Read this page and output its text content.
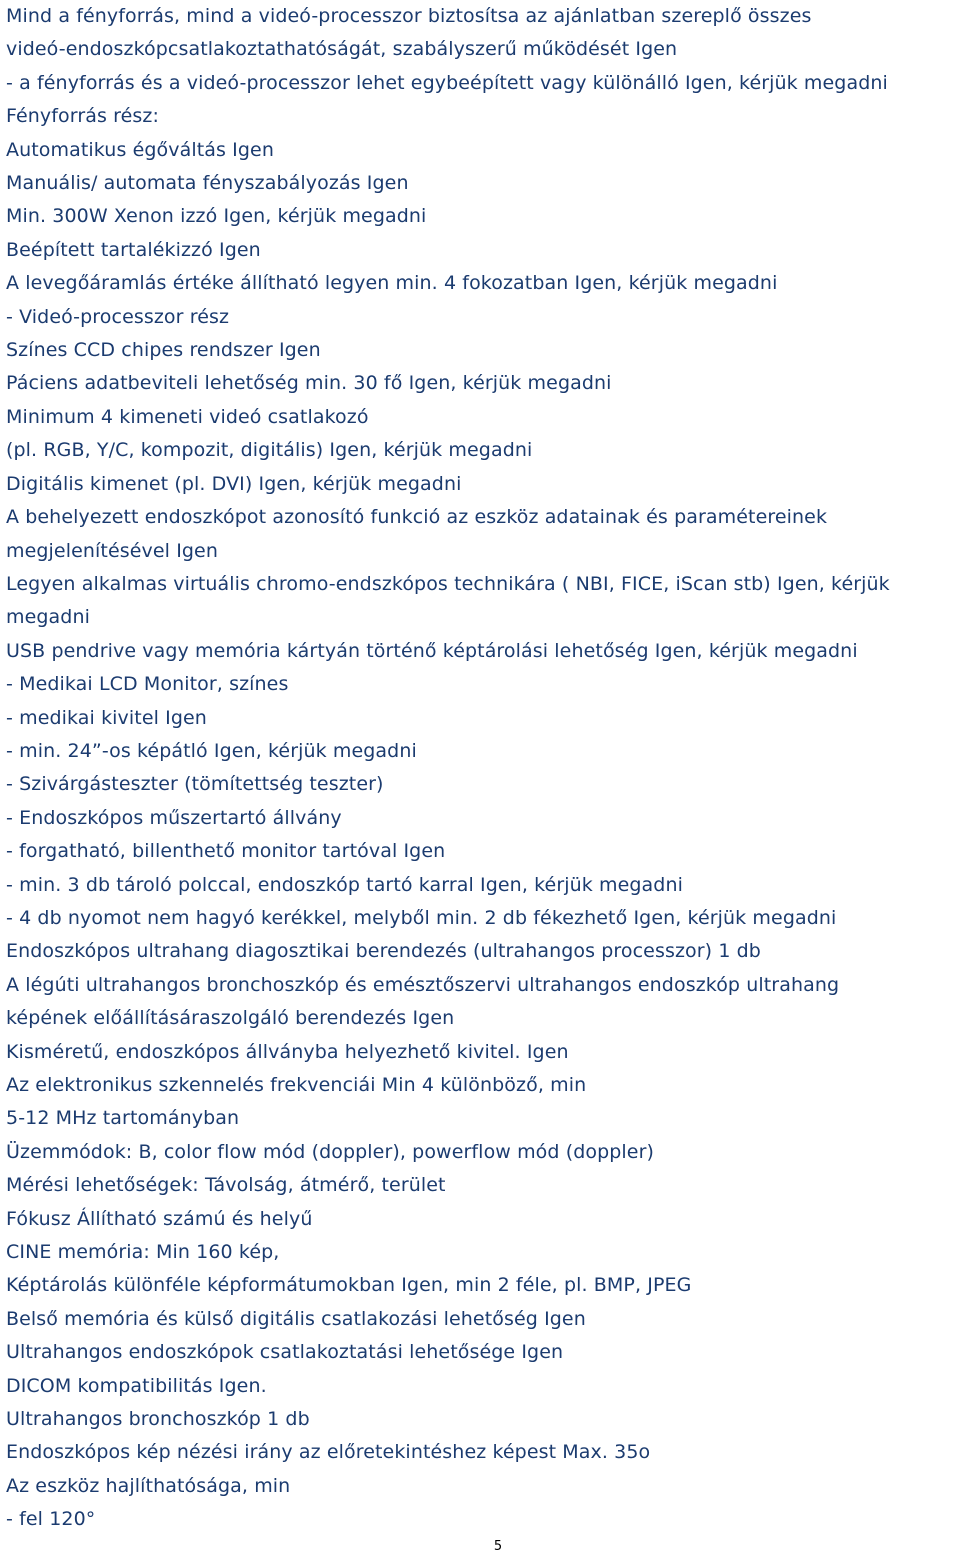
Mind a fényforrás, mind a videó-processzor biztosítsa az ajánlatban szereplő összes
videó-endoszkópcsatlakoztathatóságát, szabályszerű működését Igen
- a fényforrás és a videó-processzor lehet egybeépített vagy különálló Igen, kérjük megadni
Fényforrás rész:
Automatikus égőváltás Igen
Manuális/ automata fényszabályozás Igen
Min. 300W Xenon izzó Igen, kérjük megadni
Beépített tartalékizzó Igen
A levegőáramlás értéke állítható legyen min. 4 fokozatban Igen, kérjük megadni
- Videó-processzor rész
Színes CCD chipes rendszer Igen
Páciens adatbeviteli lehetőség min. 30 fő Igen, kérjük megadni
Minimum 4 kimeneti videó csatlakozó
(pl. RGB, Y/C, kompozit, digitális) Igen, kérjük megadni
Digitális kimenet (pl. DVI) Igen, kérjük megadni
A behelyezett endoszkópot azonosító funkció az eszköz adatainak és paramétereinek
megjelenítésével Igen
Legyen alkalmas virtuális chromo-endszkópos technikára ( NBI, FICE, iScan stb) Igen, kérjük
megadni
USB pendrive vagy memória kártyán történő képtárolási lehetőség Igen, kérjük megadni
- Medikai LCD Monitor, színes
- medikai kivitel Igen
- min. 24”-os képátló Igen, kérjük megadni
- Szivárgásteszter (tömítettség teszter)
- Endoszkópos műszertartó állvány
- forgatható, billenthető monitor tartóval Igen
- min. 3 db tároló polccal, endoszkóp tartó karral Igen, kérjük megadni
- 4 db nyomot nem hagyó kerékkel, melyből min. 2 db fékezhető Igen, kérjük megadni
Endoszkópos ultrahang diagosztikai berendezés (ultrahangos processzor) 1 db
A légúti ultrahangos bronchoszkóp és emésztőszervi ultrahangos endoszkóp ultrahang
képének előállításáraszolgáló berendezés Igen
Kisméretű, endoszkópos állványba helyezhető kivitel. Igen
Az elektronikus szkennelés frekvenciái Min 4 különböző, min
5-12 MHz tartományban
Üzemmódok: B, color flow mód (doppler), powerflow mód (doppler)
Mérési lehetőségek: Távolság, átmérő, terület
Fókusz Állítható számú és helyű
CINE memória: Min 160 kép,
Képtárolás különféle képformátumokban Igen, min 2 féle, pl. BMP, JPEG
Belső memória és külső digitális csatlakozási lehetőség Igen
Ultrahangos endoszkópok csatlakoztatási lehetősége Igen
DICOM kompatibilitás Igen.
Ultrahangos bronchoszkóp 1 db
Endoszkópos kép nézési irány az előretekintéshez képest Max. 35o
Az eszköz hajlíthatósága, min
- fel 120°
5
